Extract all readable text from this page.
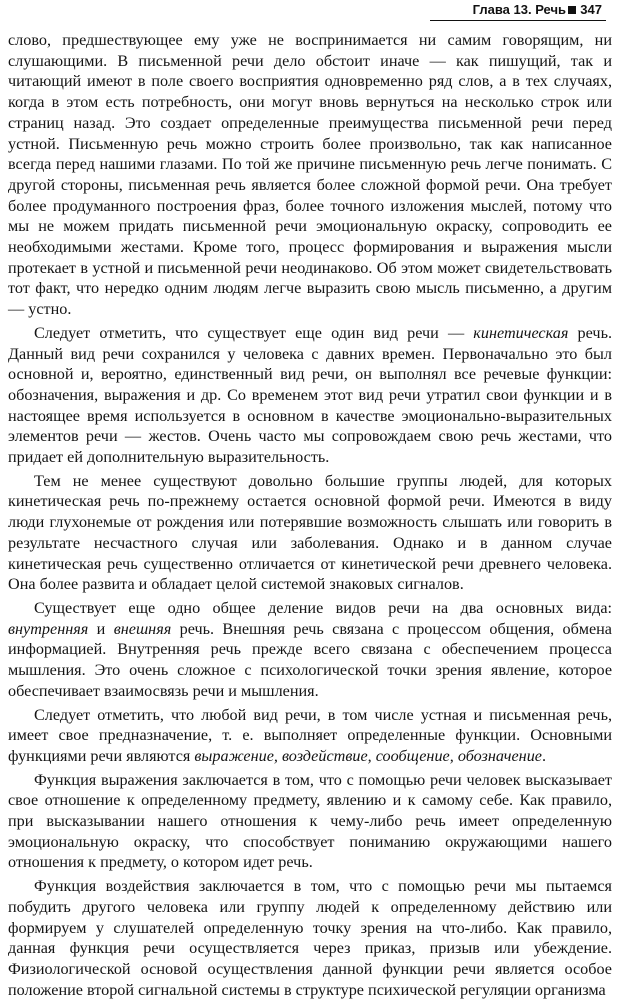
Глава 13. Речь 347

слово, предшествующее ему уже не воспринимается ни самим говорящим, ни слушающими. В письменной речи дело обстоит иначе — как пишущий, так и читающий имеют в поле своего восприятия одновременно ряд слов, а в тех случаях, когда в этом есть потребность, они могут вновь вернуться на несколько строк или страниц назад. Это создает определенные преимущества письменной речи перед устной. Письменную речь можно строить более произвольно, так как написанное всегда перед нашими глазами. По той же причине письменную речь легче понимать. С другой стороны, письменная речь является более сложной формой речи. Она требует более продуманного построения фраз, более точного изложения мыслей, потому что мы не можем придать письменной речи эмоциональную окраску, сопроводить ее необходимыми жестами. Кроме того, процесс формирования и выражения мысли протекает в устной и письменной речи неодинаково. Об этом может свидетельствовать тот факт, что нередко одним людям легче выразить свою мысль письменно, а другим — устно.

Следует отметить, что существует еще один вид речи — кинетическая речь. Данный вид речи сохранился у человека с давних времен. Первоначально это был основной и, вероятно, единственный вид речи, он выполнял все речевые функции: обозначения, выражения и др. Со временем этот вид речи утратил свои функции и в настоящее время используется в основном в качестве эмоционально-выразительных элементов речи — жестов. Очень часто мы сопровождаем свою речь жестами, что придает ей дополнительную выразительность.

Тем не менее существуют довольно большие группы людей, для которых кинетическая речь по-прежнему остается основной формой речи. Имеются в виду люди глухонемые от рождения или потерявшие возможность слышать или говорить в результате несчастного случая или заболевания. Однако и в данном случае кинетическая речь существенно отличается от кинетической речи древнего человека. Она более развита и обладает целой системой знаковых сигналов.

Существует еще одно общее деление видов речи на два основных вида: внутренняя и внешняя речь. Внешняя речь связана с процессом общения, обмена информацией. Внутренняя речь прежде всего связана с обеспечением процесса мышления. Это очень сложное с психологической точки зрения явление, которое обеспечивает взаимосвязь речи и мышления.

Следует отметить, что любой вид речи, в том числе устная и письменная речь, имеет свое предназначение, т. е. выполняет определенные функции. Основными функциями речи являются выражение, воздействие, сообщение, обозначение.

Функция выражения заключается в том, что с помощью речи человек высказывает свое отношение к определенному предмету, явлению и к самому себе. Как правило, при высказывании нашего отношения к чему-либо речь имеет определенную эмоциональную окраску, что способствует пониманию окружающими нашего отношения к предмету, о котором идет речь.

Функция воздействия заключается в том, что с помощью речи мы пытаемся побудить другого человека или группу людей к определенному действию или формируем у слушателей определенную точку зрения на что-либо. Как правило, данная функция речи осуществляется через приказ, призыв или убеждение. Физиологической основой осуществления данной функции речи является особое положение второй сигнальной системы в структуре психической регуляции организма
